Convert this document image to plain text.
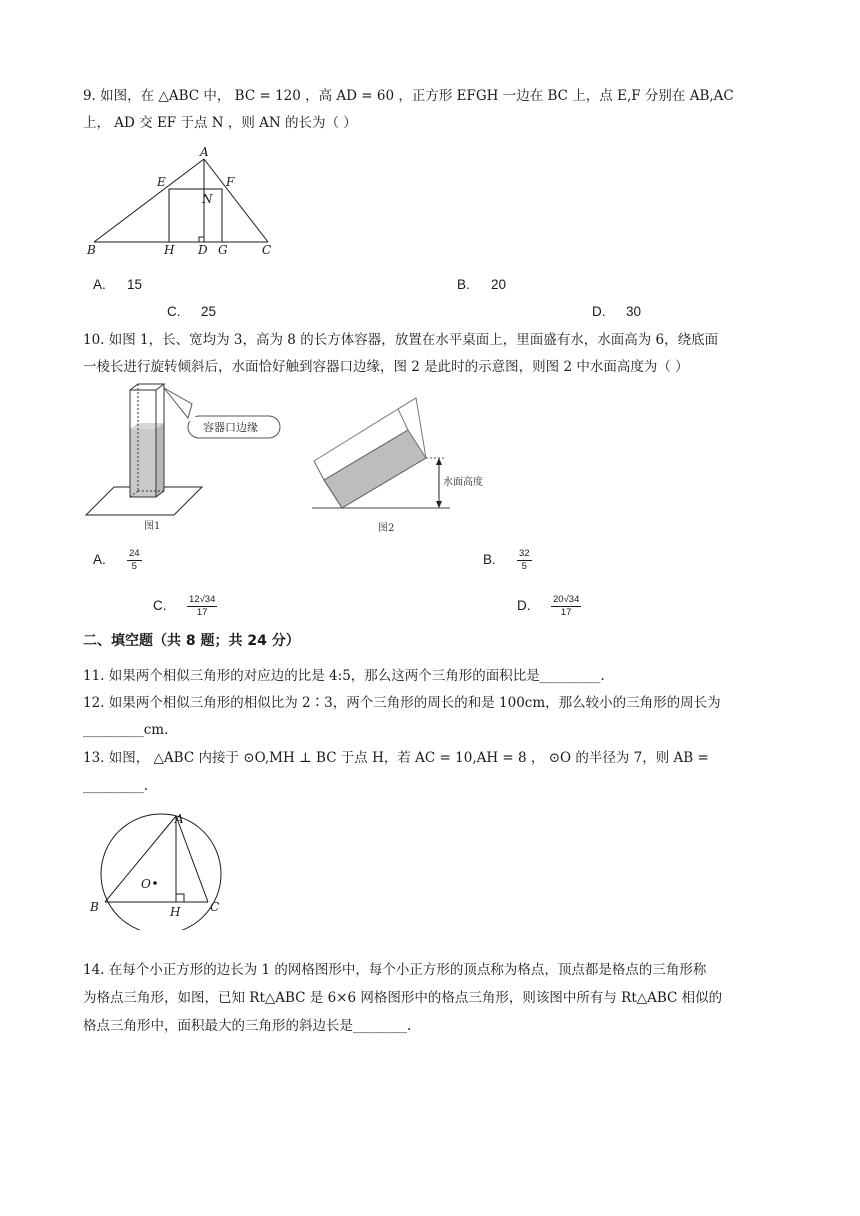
9. 如图，在 △ABC 中， BC = 120 ，高 AD = 60 ，正方形 EFGH 一边在 BC 上，点 E,F 分别在 AB,AC
上， AD 交 EF 于点 N ，则 AN 的长为（ ）
A
B	C
D
E	F
G
H
N
A. 15	B. 20
C. 25	D. 30
10. 如图 1，长、宽均为 3，高为 8 的长方体容器，放置在水平桌面上，里面盛有水，水面高为 6，绕底面
一棱长进行旋转倾斜后，水面恰好触到容器口边缘，图 2 是此时的示意图，则图 2 中水面高度为（ ）
容器口边缘
图1
水面高度
图2
A. $\frac{24}{5}$	B. $\frac{32}{5}$
C. $\frac{12√34}{17}$	D. $\frac{20√34}{17}$
二、填空题（共 8 题；共 24 分）
11. 如果两个相似三角形的对应边的比是 4:5，那么这两个三角形的面积比是_________.
12. 如果两个相似三角形的相似比为 2∶3，两个三角形的周长的和是 100cm，那么较小的三角形的周长为
_________cm.
13. 如图， △ABC 内接于 ⊙O,MH ⊥ BC 于点 H，若 AC = 10,AH = 8 ， ⊙O 的半径为 7，则 AB =
_________.
A
B	C
H
O
14. 在每个小正方形的边长为 1 的网格图形中，每个小正方形的顶点称为格点，顶点都是格点的三角形称
为格点三角形，如图，已知 Rt△ABC 是 6×6 网格图形中的格点三角形，则该图中所有与 Rt△ABC 相似的
格点三角形中，面积最大的三角形的斜边长是________.
